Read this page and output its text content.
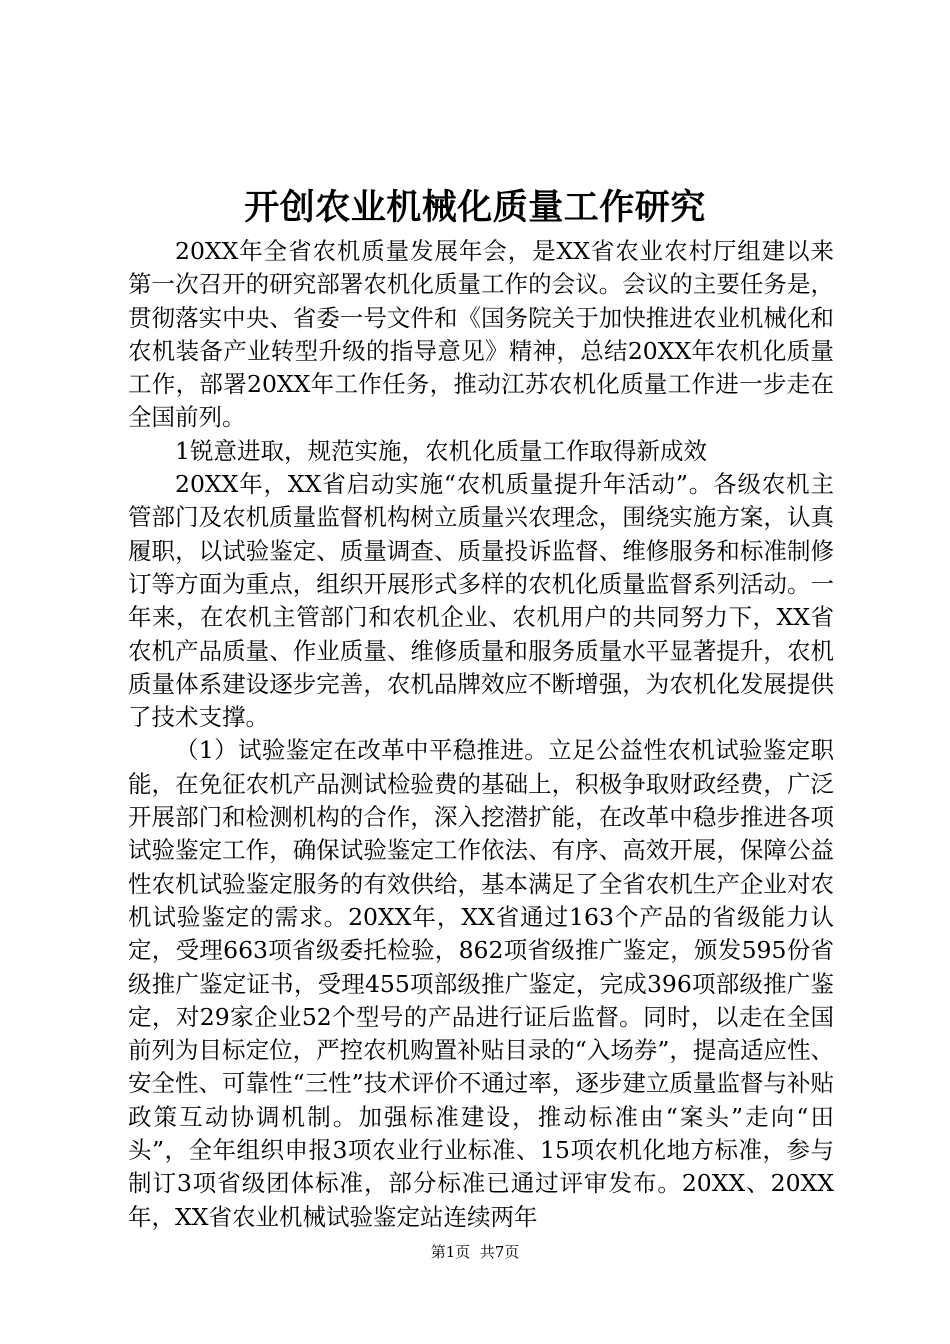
开创农业机械化质量工作研究

20XX年全省农机质量发展年会，是XX省农业农村厅组建以来第一次召开的研究部署农机化质量工作的会议。会议的主要任务是，贯彻落实中央、省委一号文件和《国务院关于加快推进农业机械化和农机装备产业转型升级的指导意见》精神，总结20XX年农机化质量工作，部署20XX年工作任务，推动江苏农机化质量工作进一步走在全国前列。

1锐意进取，规范实施，农机化质量工作取得新成效

20XX年，XX省启动实施“农机质量提升年活动”。各级农机主管部门及农机质量监督机构树立质量兴农理念，围绕实施方案，认真履职，以试验鉴定、质量调查、质量投诉监督、维修服务和标准制修订等方面为重点，组织开展形式多样的农机化质量监督系列活动。一年来，在农机主管部门和农机企业、农机用户的共同努力下，XX省农机产品质量、作业质量、维修质量和服务质量水平显著提升，农机质量体系建设逐步完善，农机品牌效应不断增强，为农机化发展提供了技术支撑。

（1）试验鉴定在改革中平稳推进。立足公益性农机试验鉴定职能，在免征农机产品测试检验费的基础上，积极争取财政经费，广泛开展部门和检测机构的合作，深入挖潜扩能，在改革中稳步推进各项试验鉴定工作，确保试验鉴定工作依法、有序、高效开展，保障公益性农机试验鉴定服务的有效供给，基本满足了全省农机生产企业对农机试验鉴定的需求。20XX年，XX省通过163个产品的省级能力认定，受理663项省级委托检验，862项省级推广鉴定，颁发595份省级推广鉴定证书，受理455项部级推广鉴定，完成396项部级推广鉴定，对29家企业52个型号的产品进行证后监督。同时，以走在全国前列为目标定位，严控农机购置补贴目录的“入场券”，提高适应性、安全性、可靠性“三性”技术评价不通过率，逐步建立质量监督与补贴政策互动协调机制。加强标准建设，推动标准由“案头”走向“田头”，全年组织申报3项农业行业标准、15项农机化地方标准，参与制订3项省级团体标准，部分标准已通过评审发布。20XX、20XX年，XX省农业机械试验鉴定站连续两年

第1页  共7页
